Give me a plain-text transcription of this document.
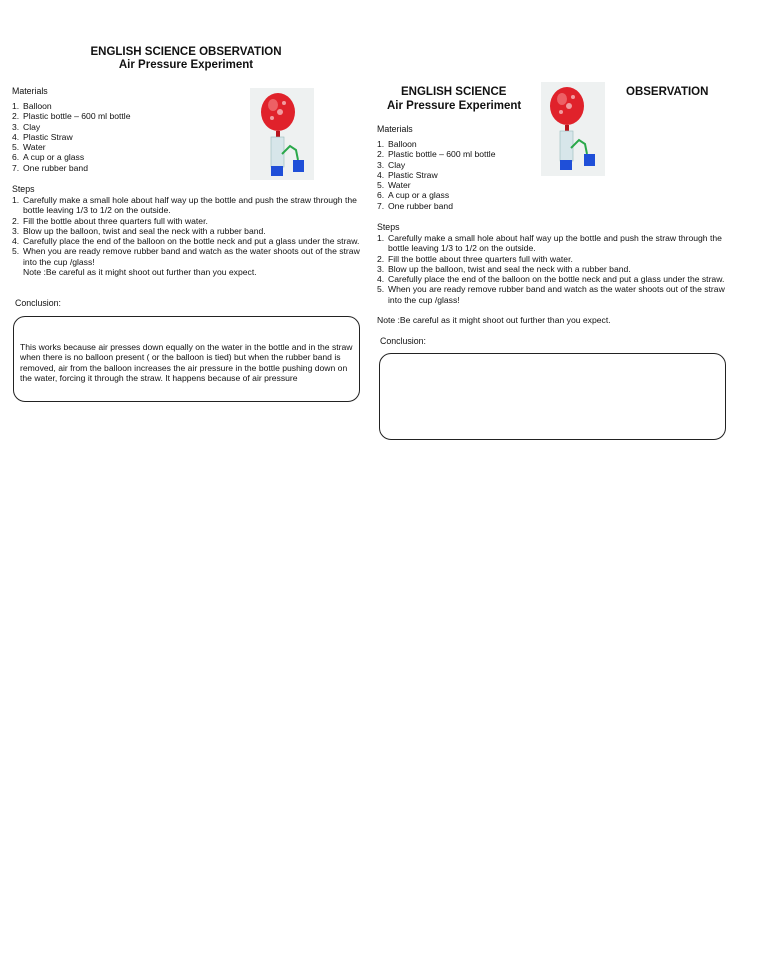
ENGLISH SCIENCE OBSERVATION
Air Pressure Experiment
Materials
1. Balloon
2. Plastic bottle – 600 ml bottle
3. Clay
4. Plastic Straw
5. Water
6. A cup or a glass
7. One rubber band
Steps
1. Carefully make a small hole about half way up the bottle and push the straw through the bottle leaving 1/3 to 1/2 on the outside.
2. Fill the bottle about three quarters full with water.
3. Blow up the balloon, twist and seal the neck with a rubber band.
4. Carefully place the end of the balloon on the bottle neck and put a glass under the straw.
5. When you are ready remove rubber band and watch as the water shoots out of the straw into the cup /glass!
Note :Be careful as it might shoot out further than you expect.
Conclusion:
This works because air presses down equally on the water in the bottle and in the straw when there is no balloon present ( or the balloon is tied) but when the rubber band is removed, air from the balloon increases the air pressure in the bottle pushing down on the water, forcing it through the straw. It happens because of air pressure
ENGLISH SCIENCE	OBSERVATION
Air Pressure Experiment
Materials
1. Balloon
2. Plastic bottle – 600 ml bottle
3. Clay
4. Plastic Straw
5. Water
6. A cup or a glass
7. One rubber band
Steps
1. Carefully make a small hole about half way up the bottle and push the straw through the bottle leaving 1/3 to 1/2 on the outside.
2. Fill the bottle about three quarters full with water.
3. Blow up the balloon, twist and seal the neck with a rubber band.
4. Carefully place the end of the balloon on the bottle neck and put a glass under the straw.
5. When you are ready remove rubber band and watch as the water shoots out of the straw into the cup /glass!
Note :Be careful as it might shoot out further than you expect.
Conclusion:
